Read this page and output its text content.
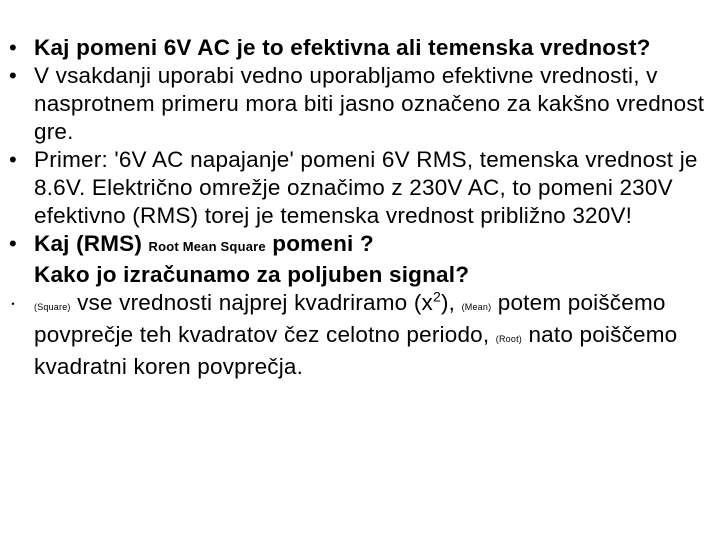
• Kaj pomeni 6V AC je to efektivna ali temenska vrednost?
• V vsakdanji uporabi vedno uporabljamo efektivne vrednosti, v nasprotnem primeru mora biti jasno označeno za kakšno vrednost gre.
• Primer: '6V AC napajanje' pomeni 6V RMS, temenska vrednost je 8.6V. Električno omrežje označimo z 230V AC, to pomeni 230V efektivno (RMS) torej je temenska vrednost približno 320V!
• Kaj (RMS) Root Mean Square pomeni ?
Kako jo izračunamo za poljuben signal?
•	(Square) vse vrednosti najprej kvadriramo $(x^2)$, (Mean) potem poiščemo povprečje teh kvadratov čez celotno periodo, (Root) nato poiščemo kvadratni koren povprečja.
